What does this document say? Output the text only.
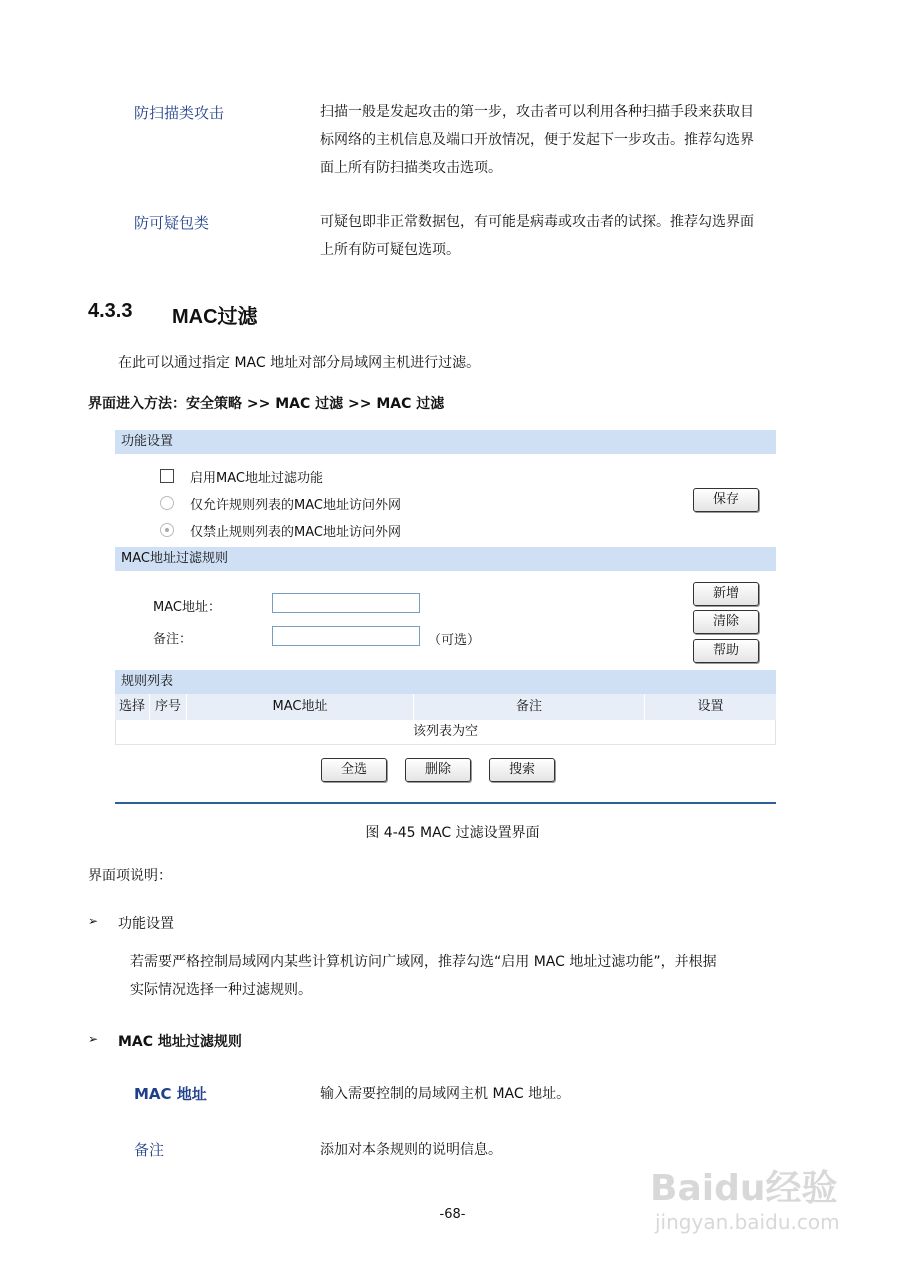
防扫描类攻击	扫描一般是发起攻击的第一步，攻击者可以利用各种扫描手段来获取目
标网络的主机信息及端口开放情况，便于发起下一步攻击。推荐勾选界
面上所有防扫描类攻击选项。
防可疑包类	可疑包即非正常数据包，有可能是病毒或攻击者的试探。推荐勾选界面
上所有防可疑包选项。
4.3.3 MAC过滤
在此可以通过指定 MAC 地址对部分局域网主机进行过滤。
界面进入方法：安全策略 >> MAC 过滤 >> MAC 过滤
功能设置
启用MAC地址过滤功能
仅允许规则列表的MAC地址访问外网
仅禁止规则列表的MAC地址访问外网
保存
MAC地址过滤规则
MAC地址：
备注：	（可选）
新增
清除
帮助
规则列表
选择 序号	MAC地址	备注	设置
该列表为空
全选	删除	搜索
图 4-45 MAC 过滤设置界面
界面项说明：
➢ 功能设置
若需要严格控制局域网内某些计算机访问广域网，推荐勾选“启用 MAC 地址过滤功能”，并根据
实际情况选择一种过滤规则。
➢ MAC 地址过滤规则
MAC 地址	输入需要控制的局域网主机 MAC 地址。
备注	添加对本条规则的说明信息。
-68-
Baidu经验
jingyan.baidu.com
